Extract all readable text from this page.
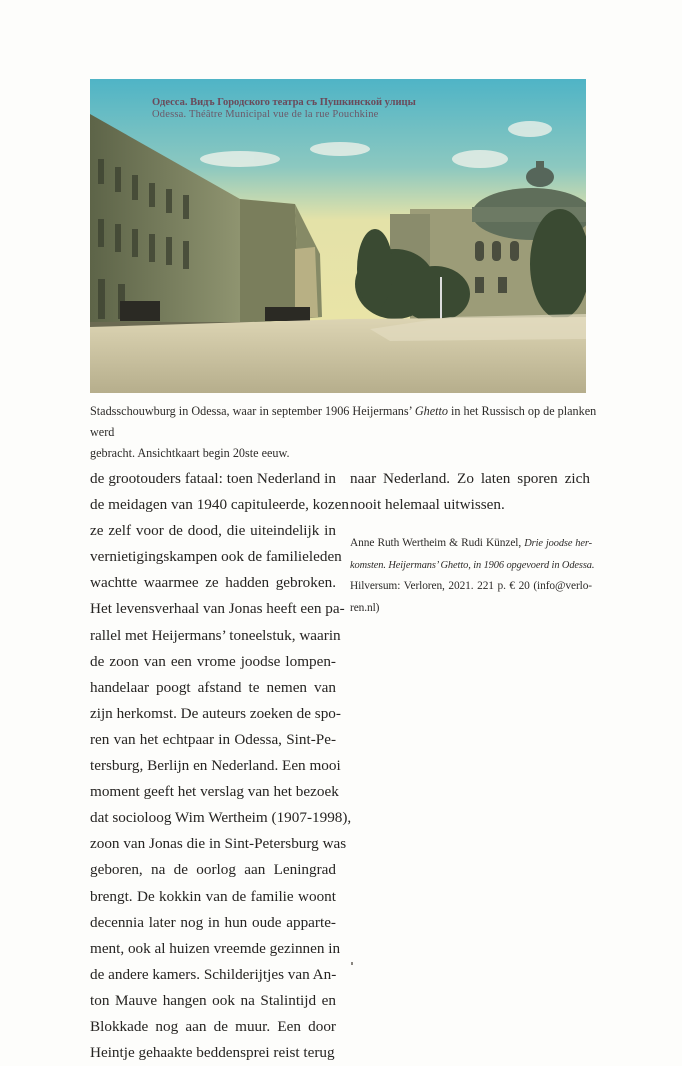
Одесса. Видъ Городского театра съ Пушкинской улицы
Odessa. Théâtre Municipal vue de la rue Pouchkine
Stadsschouwburg in Odessa, waar in september 1906 Heijermans’ Ghetto in het Russisch op de planken werd
gebracht. Ansichtkaart begin 20ste eeuw.
de grootouders fataal: toen Nederland in
de meidagen van 1940 capituleerde, kozen
ze zelf voor de dood, die uiteindelijk in
vernietigingskampen ook de familieleden
wachtte waarmee ze hadden gebroken.
Het levensverhaal van Jonas heeft een pa-
rallel met Heijermans’ toneelstuk, waarin
de zoon van een vrome joodse lompen-
handelaar poogt afstand te nemen van
zijn herkomst. De auteurs zoeken de spo-
ren van het echtpaar in Odessa, Sint-Pe-
tersburg, Berlijn en Nederland. Een mooi
moment geeft het verslag van het bezoek
dat socioloog Wim Wertheim (1907-1998),
zoon van Jonas die in Sint-Petersburg was
geboren, na de oorlog aan Leningrad
brengt. De kokkin van de familie woont
decennia later nog in hun oude apparte-
ment, ook al huizen vreemde gezinnen in
de andere kamers. Schilderijtjes van An-
ton Mauve hangen ook na Stalintijd en
Blokkade nog aan de muur. Een door
Heintje gehaakte beddensprei reist terug
naar Nederland. Zo laten sporen zich
nooit helemaal uitwissen.
Anne Ruth Wertheim & Rudi Künzel, Drie joodse her-
komsten. Heijermans’ Ghetto, in 1906 opgevoerd in Odessa.
Hilversum: Verloren, 2021. 221 p. € 20 (info@verlo-
ren.nl)
